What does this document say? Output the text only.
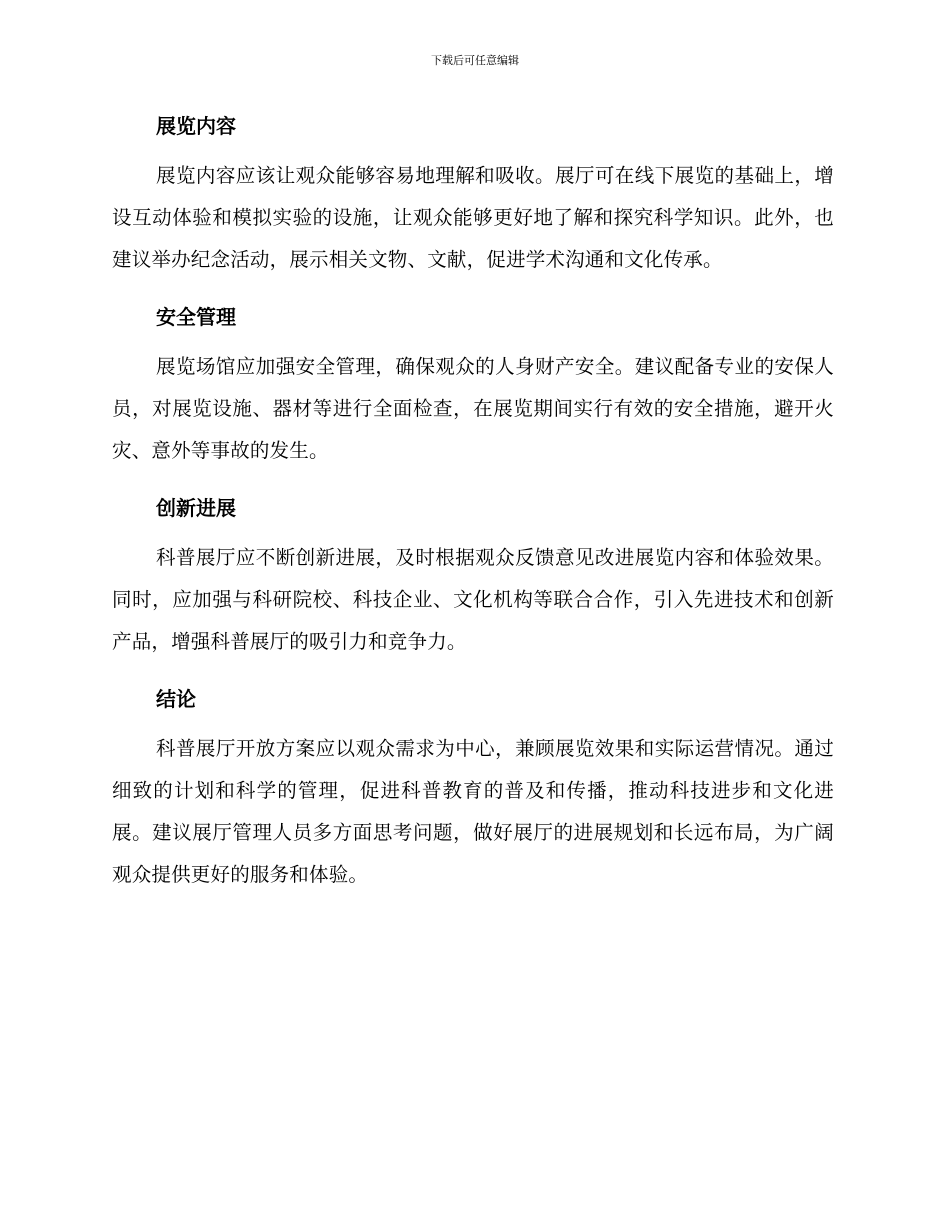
下载后可任意编辑
展览内容

展览内容应该让观众能够容易地理解和吸收。展厅可在线下展览的基础上，增设互动体验和模拟实验的设施，让观众能够更好地了解和探究科学知识。此外，也建议举办纪念活动，展示相关文物、文献，促进学术沟通和文化传承。

安全管理

展览场馆应加强安全管理，确保观众的人身财产安全。建议配备专业的安保人员，对展览设施、器材等进行全面检查，在展览期间实行有效的安全措施，避开火灾、意外等事故的发生。

创新进展

科普展厅应不断创新进展，及时根据观众反馈意见改进展览内容和体验效果。同时，应加强与科研院校、科技企业、文化机构等联合合作，引入先进技术和创新产品，增强科普展厅的吸引力和竞争力。

结论

科普展厅开放方案应以观众需求为中心，兼顾展览效果和实际运营情况。通过细致的计划和科学的管理，促进科普教育的普及和传播，推动科技进步和文化进展。建议展厅管理人员多方面思考问题，做好展厅的进展规划和长远布局，为广阔观众提供更好的服务和体验。
